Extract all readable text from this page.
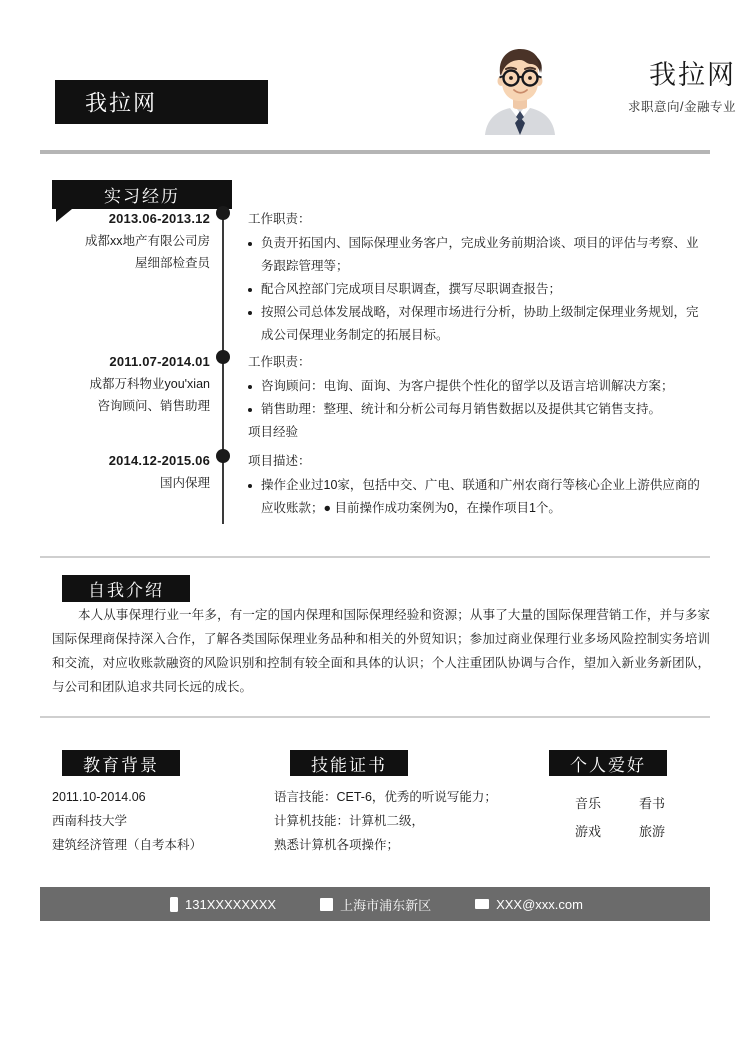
我拉网
我拉网
求职意向/金融专业
实习经历
2013.06-2013.12
成都xx地产有限公司房
屋细部检查员

工作职责：

负责开拓国内、国际保理业务客户，完成业务前期洽谈、项目的评估与考察、业务跟踪管理等；
配合风控部门完成项目尽职调查，撰写尽职调查报告；
按照公司总体发展战略，对保理市场进行分析，协助上级制定保理业务规划，完成公司保理业务制定的拓展目标。
2011.07-2014.01
成都万科物业you'xian
咨询顾问、销售助理

工作职责：

咨询顾问：电询、面询、为客户提供个性化的留学以及语言培训解决方案；
销售助理：整理、统计和分析公司每月销售数据以及提供其它销售支持。

项目经验

2014.12-2015.06
国内保理

项目描述：

操作企业过10家，包括中交、广电、联通和广州农商行等核心企业上游供应商的应收账款；● 目前操作成功案例为0，在操作项目1个。
自我介绍
本人从事保理行业一年多，有一定的国内保理和国际保理经验和资源；从事了大量的国际保理营销工作，并与多家国际保理商保持深入合作，了解各类国际保理业务品种和相关的外贸知识；参加过商业保理行业多场风险控制实务培训和交流，对应收账款融资的风险识别和控制有较全面和具体的认识；个人注重团队协调与合作，望加入新业务新团队，与公司和团队追求共同长远的成长。
教育背景
2011.10-2014.06
西南科技大学
建筑经济管理（自考本科）
技能证书
语言技能：CET-6，优秀的听说写能力；
计算机技能：计算机二级，
熟悉计算机各项操作；
个人爱好
音乐	看书
游戏	旅游
131XXXXXXXX	上海市浦东新区	XXX@xxx.com
